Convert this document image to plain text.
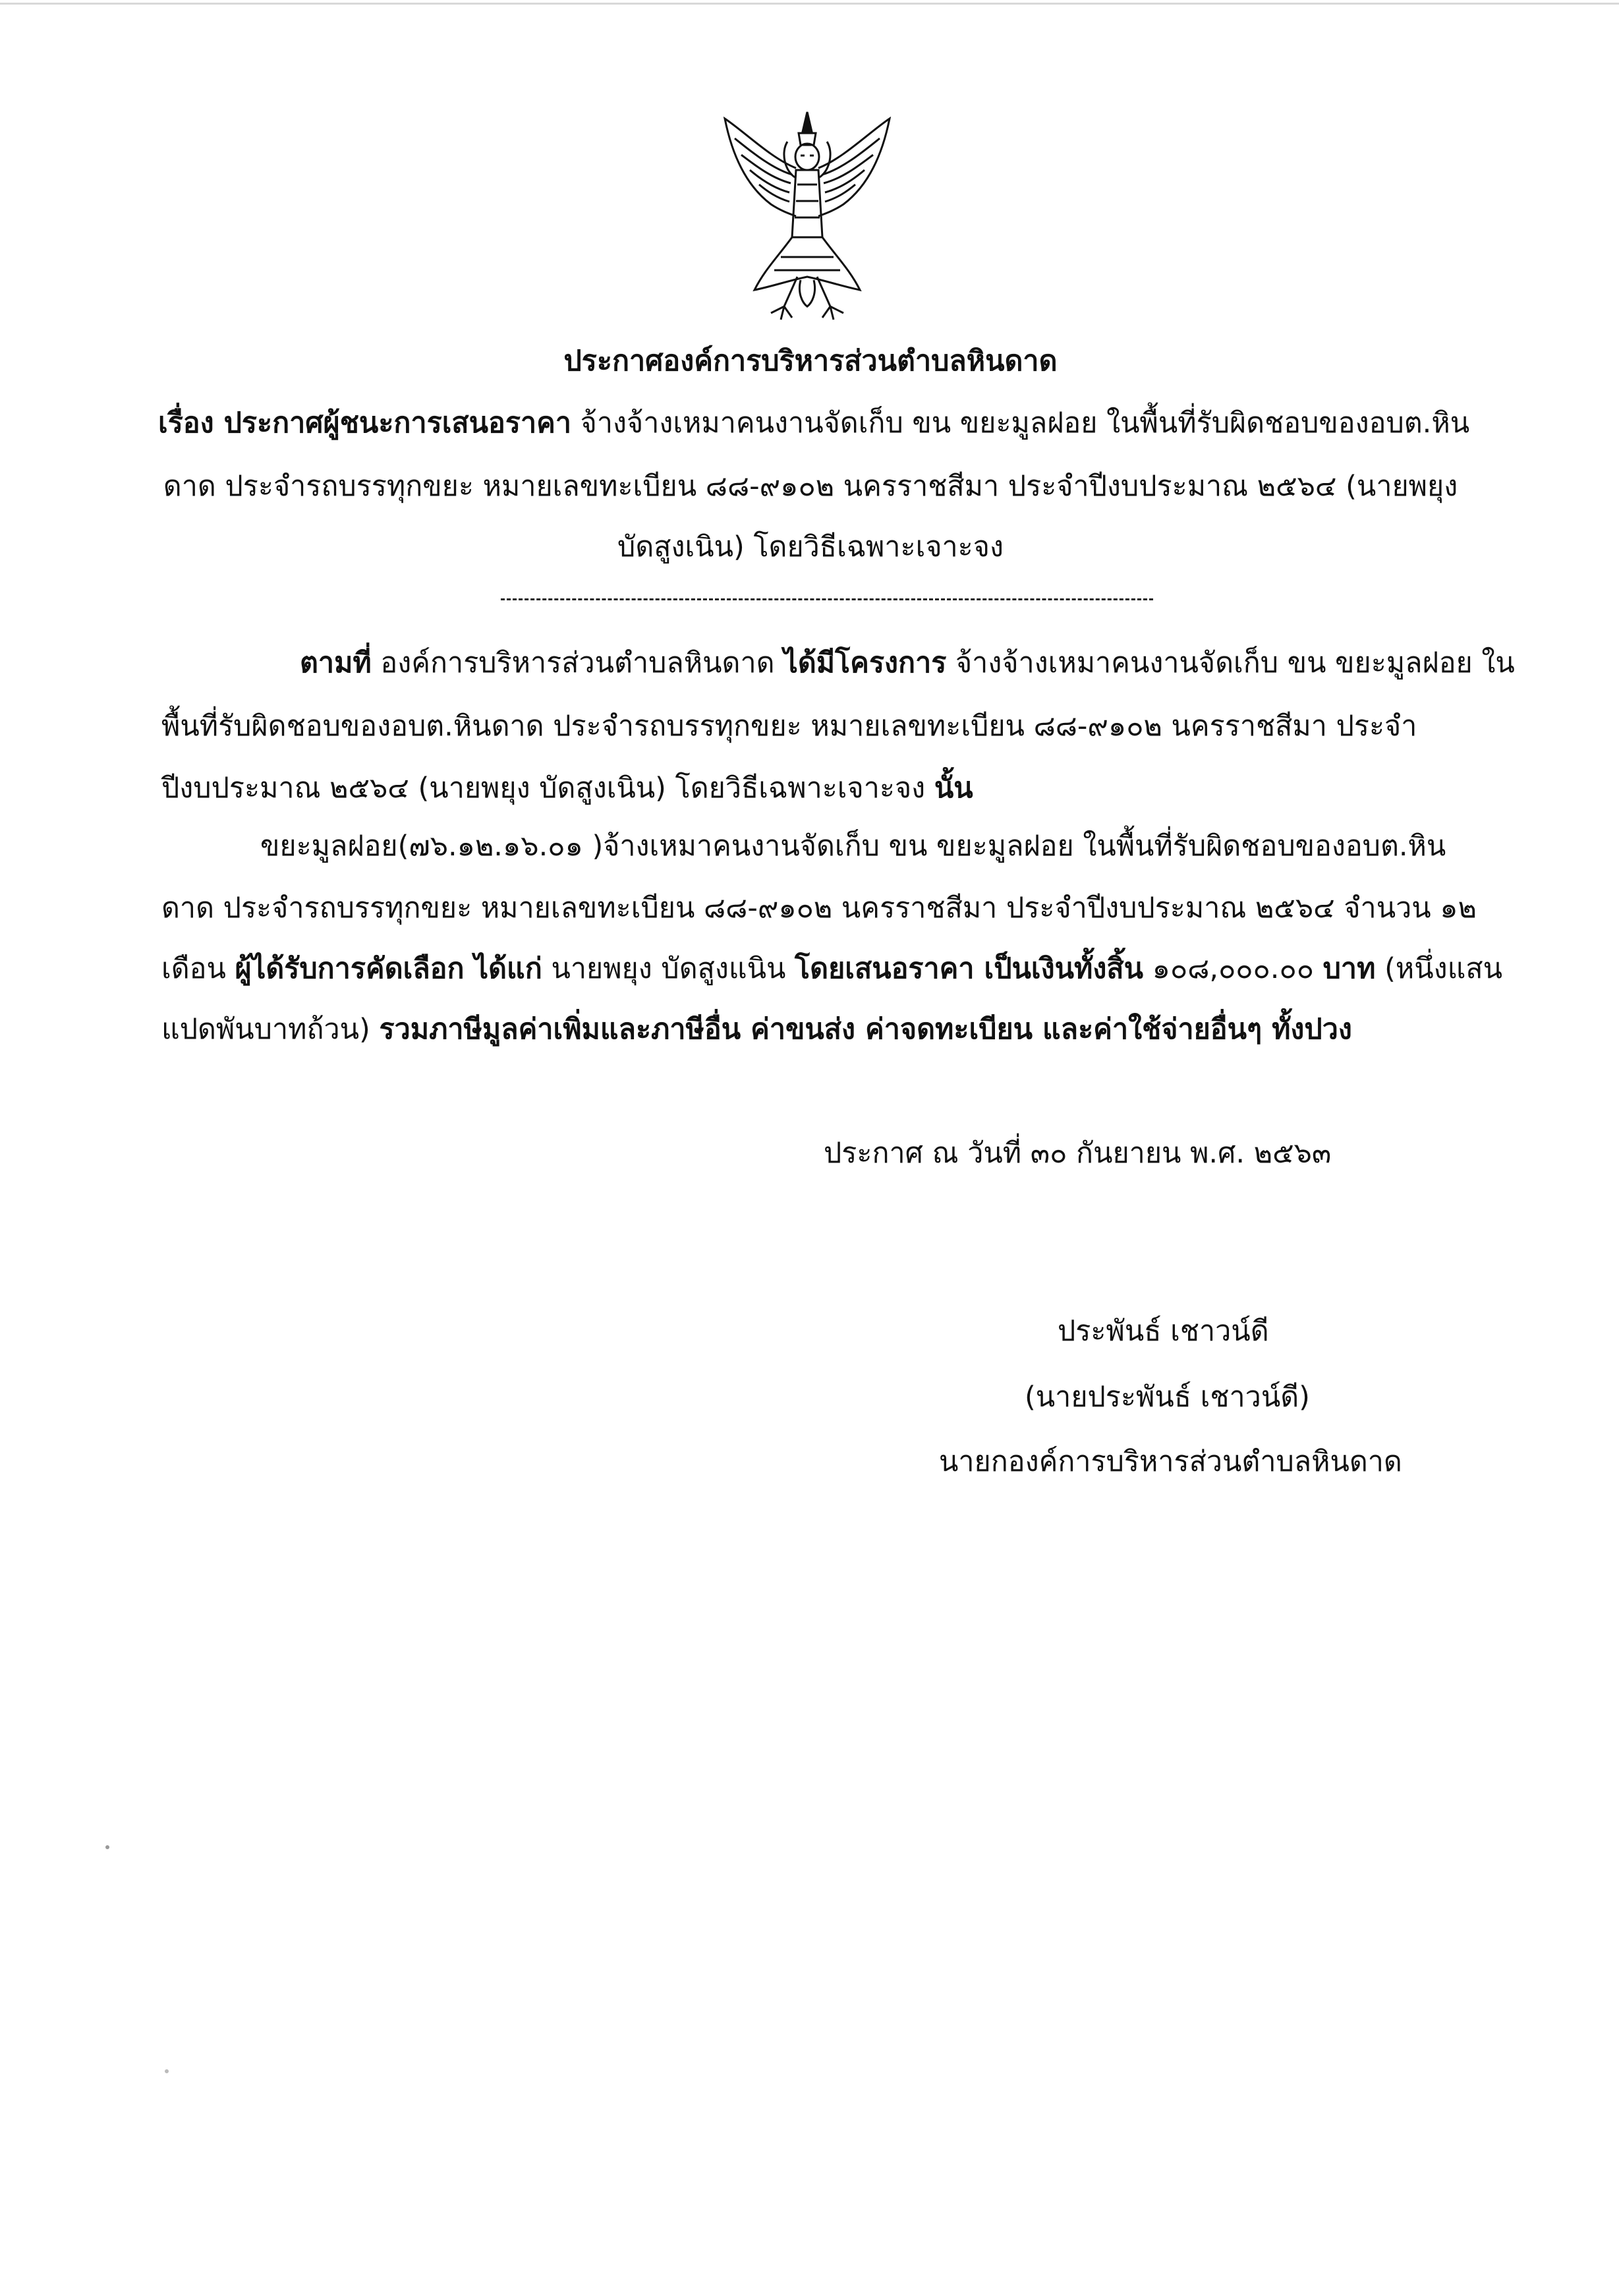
ประกาศองค์การบริหารส่วนตำบลหินดาด
เรื่อง ประกาศผู้ชนะการเสนอราคา จ้างจ้างเหมาคนงานจัดเก็บ ขน ขยะมูลฝอย ในพื้นที่รับผิดชอบของอบต.หิน
ดาด ประจำรถบรรทุกขยะ หมายเลขทะเบียน ๘๘-๙๑๐๒ นครราชสีมา ประจำปีงบประมาณ ๒๕๖๔ (นายพยุง
บัดสูงเนิน) โดยวิธีเฉพาะเจาะจง
ตามที่ องค์การบริหารส่วนตำบลหินดาด ได้มีโครงการ จ้างจ้างเหมาคนงานจัดเก็บ ขน ขยะมูลฝอย ใน
พื้นที่รับผิดชอบของอบต.หินดาด ประจำรถบรรทุกขยะ หมายเลขทะเบียน ๘๘-๙๑๐๒ นครราชสีมา ประจำ
ปีงบประมาณ ๒๕๖๔ (นายพยุง บัดสูงเนิน) โดยวิธีเฉพาะเจาะจง นั้น
ขยะมูลฝอย(๗๖.๑๒.๑๖.๐๑ )จ้างเหมาคนงานจัดเก็บ ขน ขยะมูลฝอย ในพื้นที่รับผิดชอบของอบต.หิน
ดาด ประจำรถบรรทุกขยะ หมายเลขทะเบียน ๘๘-๙๑๐๒ นครราชสีมา ประจำปีงบประมาณ ๒๕๖๔ จำนวน ๑๒
เดือน ผู้ได้รับการคัดเลือก ได้แก่ นายพยุง บัดสูงแนิน โดยเสนอราคา เป็นเงินทั้งสิ้น ๑๐๘,๐๐๐.๐๐ บาท (หนึ่งแสน
แปดพันบาทถ้วน) รวมภาษีมูลค่าเพิ่มและภาษีอื่น ค่าขนส่ง ค่าจดทะเบียน และค่าใช้จ่ายอื่นๆ ทั้งปวง
ประกาศ ณ วันที่ ๓๐ กันยายน พ.ศ. ๒๕๖๓
ประพันธ์ เชาวน์ดี
(นายประพันธ์ เชาวน์ดี)
นายกองค์การบริหารส่วนตำบลหินดาด
